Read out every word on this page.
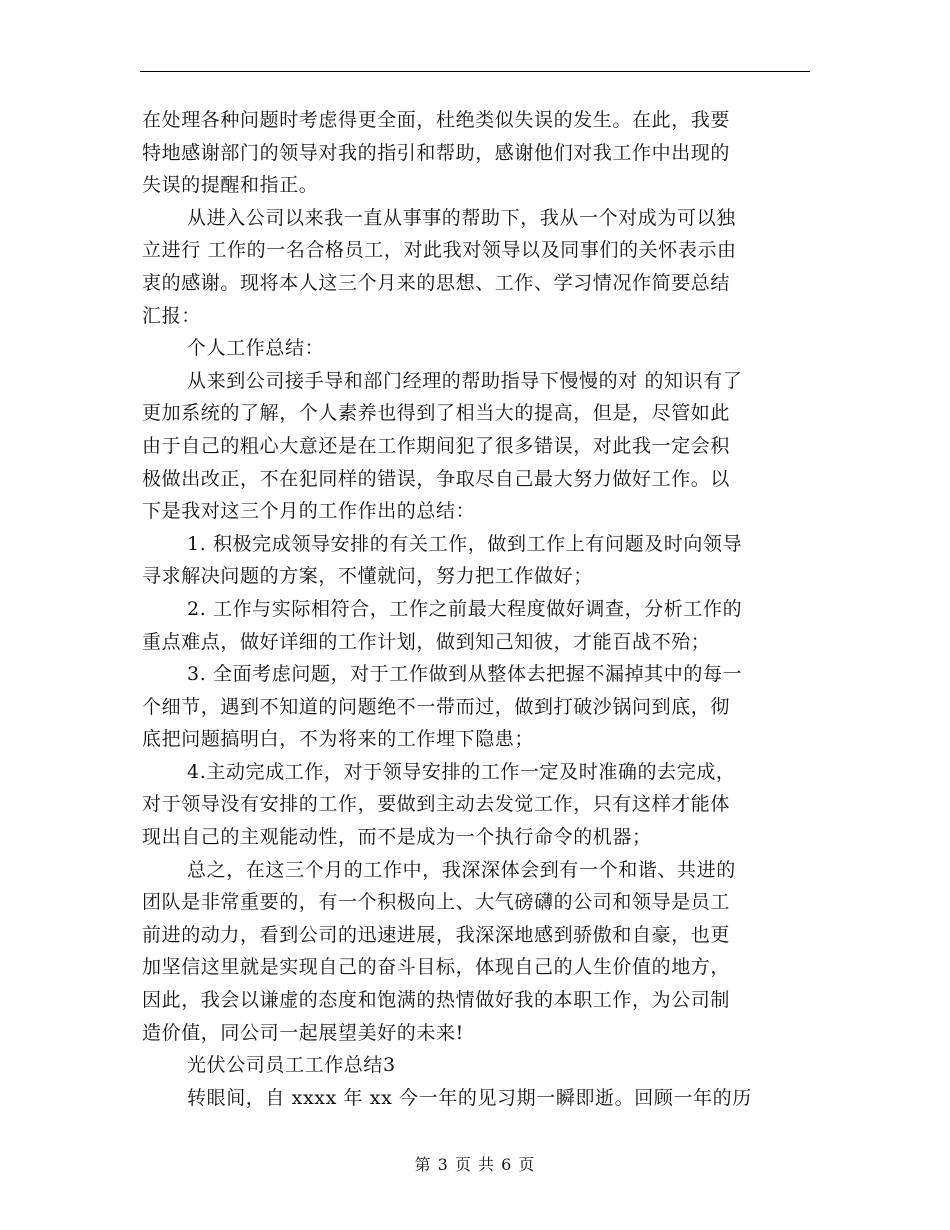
在处理各种问题时考虑得更全面，杜绝类似失误的发生。在此，我要
特地感谢部门的领导对我的指引和帮助，感谢他们对我工作中出现的
失误的提醒和指正。
从进入公司以来我一直从事事的帮助下，我从一个对成为可以独
立进行 工作的一名合格员工，对此我对领导以及同事们的关怀表示由
衷的感谢。现将本人这三个月来的思想、工作、学习情况作简要总结
汇报：
个人工作总结：
从来到公司接手导和部门经理的帮助指导下慢慢的对 的知识有了
更加系统的了解，个人素养也得到了相当大的提高，但是，尽管如此
由于自己的粗心大意还是在工作期间犯了很多错误，对此我一定会积
极做出改正，不在犯同样的错误，争取尽自己最大努力做好工作。以
下是我对这三个月的工作作出的总结：
1. 积极完成领导安排的有关工作，做到工作上有问题及时向领导
寻求解决问题的方案，不懂就问，努力把工作做好；
2. 工作与实际相符合，工作之前最大程度做好调查，分析工作的
重点难点，做好详细的工作计划，做到知己知彼，才能百战不殆；
3. 全面考虑问题，对于工作做到从整体去把握不漏掉其中的每一
个细节，遇到不知道的问题绝不一带而过，做到打破沙锅问到底，彻
底把问题搞明白，不为将来的工作埋下隐患；
4.主动完成工作，对于领导安排的工作一定及时准确的去完成，
对于领导没有安排的工作，要做到主动去发觉工作，只有这样才能体
现出自己的主观能动性，而不是成为一个执行命令的机器；
总之，在这三个月的工作中，我深深体会到有一个和谐、共进的
团队是非常重要的，有一个积极向上、大气磅礴的公司和领导是员工
前进的动力，看到公司的迅速进展，我深深地感到骄傲和自豪，也更
加坚信这里就是实现自己的奋斗目标，体现自己的人生价值的地方，
因此，我会以谦虚的态度和饱满的热情做好我的本职工作，为公司制
造价值，同公司一起展望美好的未来!
光伏公司员工工作总结3
转眼间，自 xxxx 年 xx 今一年的见习期一瞬即逝。回顾一年的历
第 3 页 共 6 页
